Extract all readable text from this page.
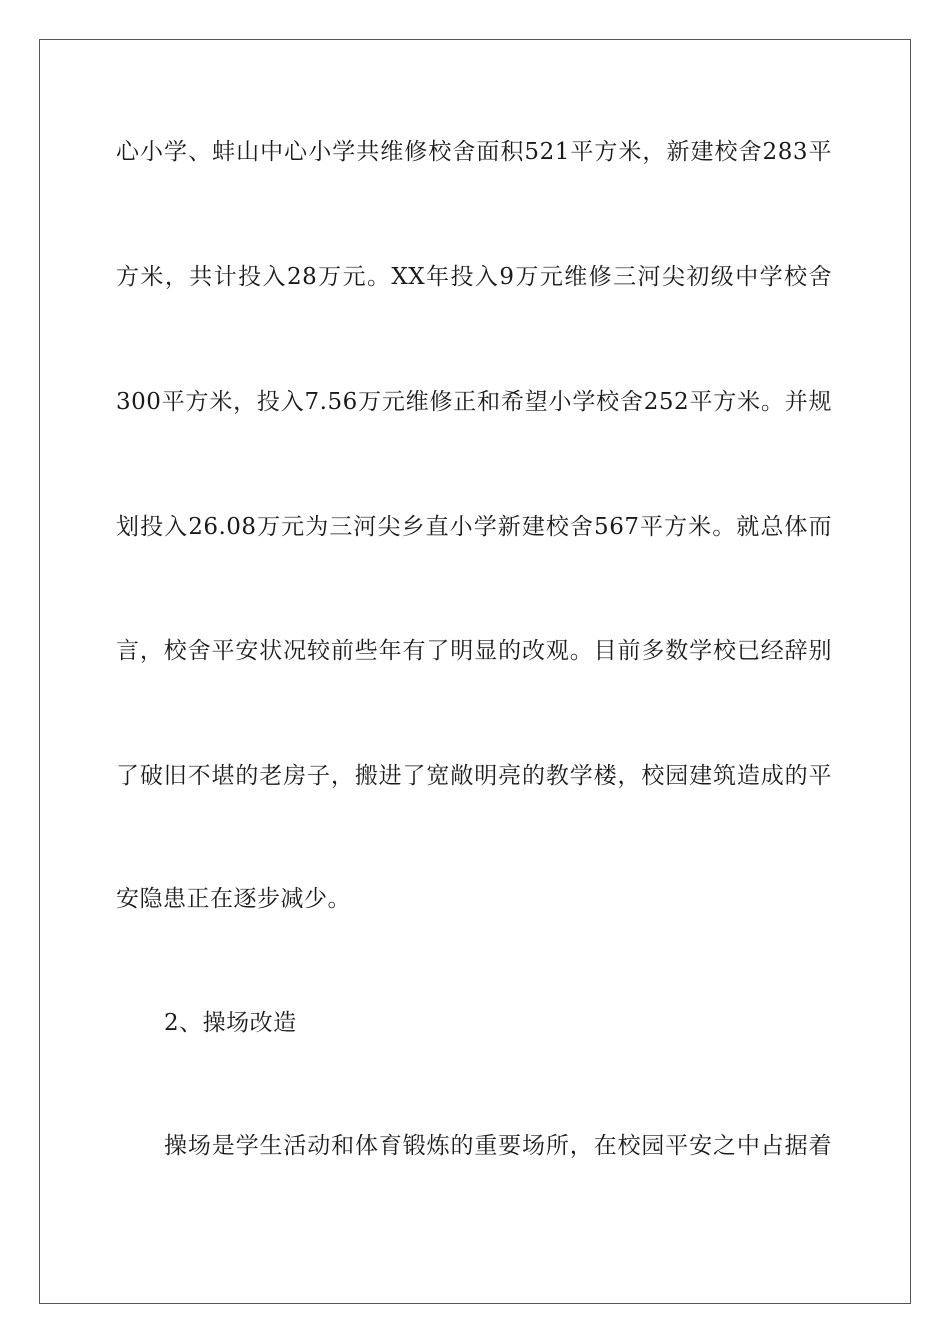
心小学、蚌山中心小学共维修校舍面积521平方米，新建校舍283平
方米，共计投入28万元。XX年投入9万元维修三河尖初级中学校舍
300平方米，投入7.56万元维修正和希望小学校舍252平方米。并规
划投入26.08万元为三河尖乡直小学新建校舍567平方米。就总体而
言，校舍平安状况较前些年有了明显的改观。目前多数学校已经辞别
了破旧不堪的老房子，搬进了宽敞明亮的教学楼，校园建筑造成的平
安隐患正在逐步减少。
2、操场改造
操场是学生活动和体育锻炼的重要场所，在校园平安之中占据着
